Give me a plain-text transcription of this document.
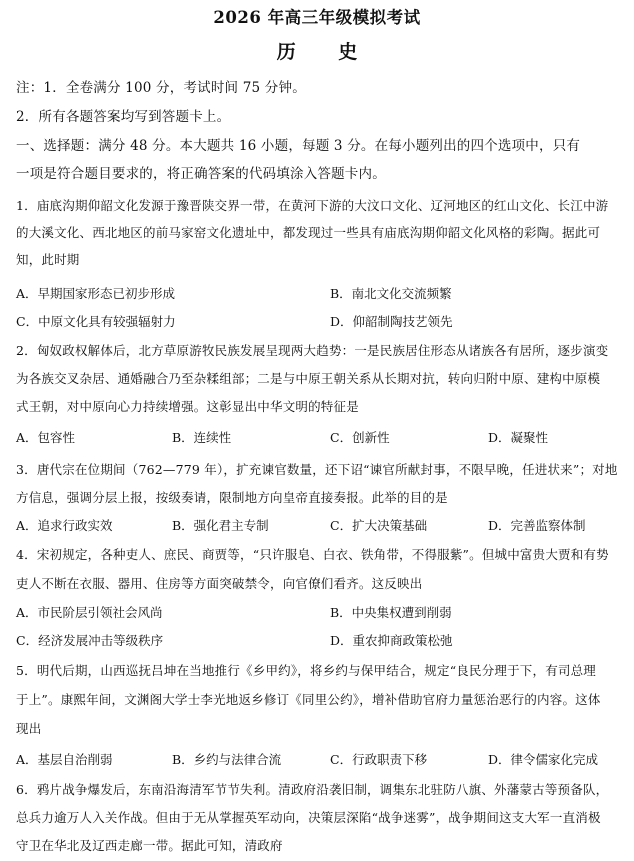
2026 年高三年级模拟考试
历 史
注：1．全卷满分 100 分，考试时间 75 分钟。
2．所有各题答案均写到答题卡上。
一、选择题：满分 48 分。本大题共 16 小题，每题 3 分。在每小题列出的四个选项中，只有
一项是符合题目要求的，将正确答案的代码填涂入答题卡内。
1．庙底沟期仰韶文化发源于豫晋陕交界一带，在黄河下游的大汶口文化、辽河地区的红山文化、长江中游
的大溪文化、西北地区的前马家窑文化遗址中，都发现过一些具有庙底沟期仰韶文化风格的彩陶。据此可
知，此时期
A．早期国家形态已初步形成	B．南北文化交流频繁
C．中原文化具有较强辐射力	D．仰韶制陶技艺领先
2．匈奴政权解体后，北方草原游牧民族发展呈现两大趋势：一是民族居住形态从诸族各有居所，逐步演变
为各族交叉杂居、通婚融合乃至杂糅组部；二是与中原王朝关系从长期对抗，转向归附中原、建构中原模
式王朝，对中原向心力持续增强。这彰显出中华文明的特征是
A．包容性	B．连续性	C．创新性	D．凝聚性
3．唐代宗在位期间（762—779 年），扩充谏官数量，还下诏“谏官所献封事，不限早晚，任进状来”；对地
方信息，强调分层上报，按级奏请，限制地方向皇帝直接奏报。此举的目的是
A．追求行政实效	B．强化君主专制	C．扩大决策基础	D．完善监察体制
4．宋初规定，各种吏人、庶民、商贾等，“只许服皂、白衣、铁角带，不得服紫”。但城中富贵大贾和有势
吏人不断在衣服、器用、住房等方面突破禁令，向官僚们看齐。这反映出
A．市民阶层引领社会风尚	B．中央集权遭到削弱
C．经济发展冲击等级秩序	D．重农抑商政策松弛
5．明代后期，山西巡抚吕坤在当地推行《乡甲约》，将乡约与保甲结合，规定“良民分理于下，有司总理
于上”。康熙年间，文渊阁大学士李光地返乡修订《同里公约》，增补借助官府力量惩治恶行的内容。这体
现出
A．基层自治削弱	B．乡约与法律合流	C．行政职责下移	D．律令儒家化完成
6．鸦片战争爆发后，东南沿海清军节节失利。清政府沿袭旧制，调集东北驻防八旗、外藩蒙古等预备队，
总兵力逾万人入关作战。但由于无从掌握英军动向，决策层深陷“战争迷雾”，战争期间这支大军一直消极
守卫在华北及辽西走廊一带。据此可知，清政府
